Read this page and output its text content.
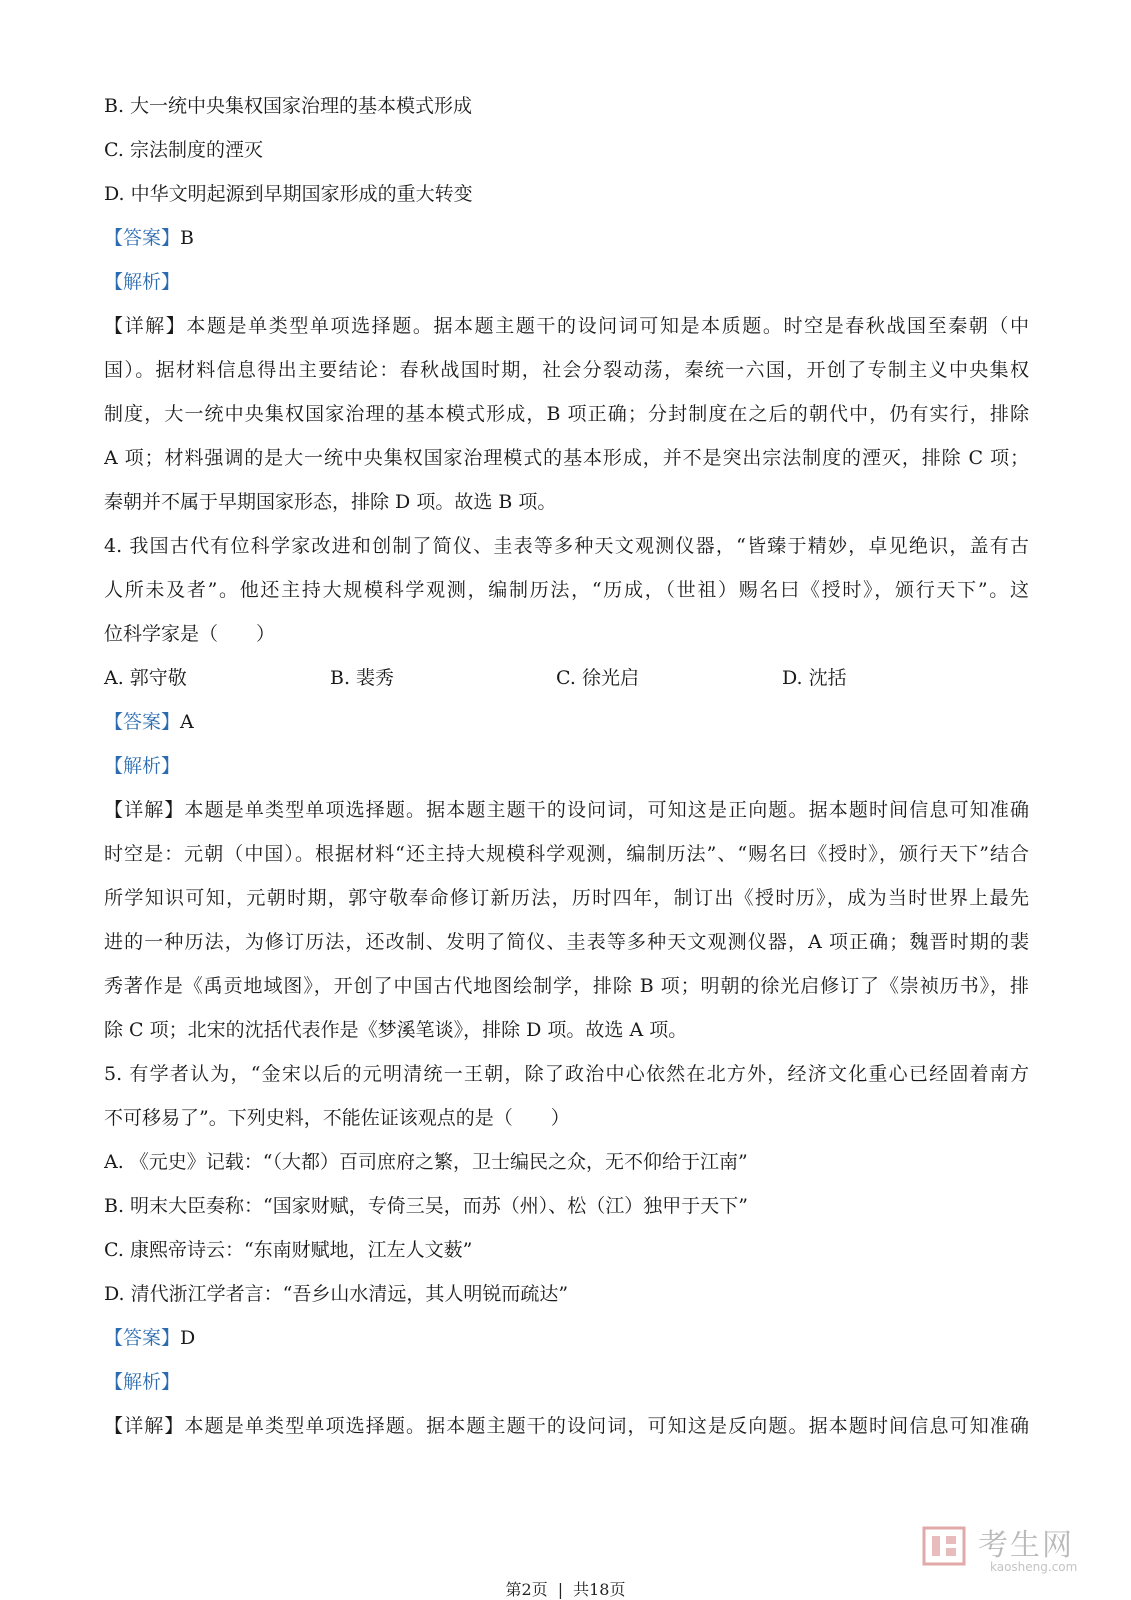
B. 大一统中央集权国家治理的基本模式形成
C. 宗法制度的湮灭
D. 中华文明起源到早期国家形成的重大转变
【答案】B
【解析】
【详解】本题是单类型单项选择题。据本题主题干的设问词可知是本质题。时空是春秋战国至秦朝（中
国）。据材料信息得出主要结论：春秋战国时期，社会分裂动荡，秦统一六国，开创了专制主义中央集权
制度，大一统中央集权国家治理的基本模式形成，B 项正确；分封制度在之后的朝代中，仍有实行，排除
A 项；材料强调的是大一统中央集权国家治理模式的基本形成，并不是突出宗法制度的湮灭，排除 C 项；
秦朝并不属于早期国家形态，排除 D 项。故选 B 项。
4. 我国古代有位科学家改进和创制了简仪、圭表等多种天文观测仪器，“皆臻于精妙，卓见绝识，盖有古
人所未及者”。他还主持大规模科学观测，编制历法，“历成，（世祖）赐名曰《授时》，颁行天下”。这
位科学家是（　　）
A. 郭守敬	B. 裴秀	C. 徐光启	D. 沈括
【答案】A
【解析】
【详解】本题是单类型单项选择题。据本题主题干的设问词，可知这是正向题。据本题时间信息可知准确
时空是：元朝（中国）。根据材料“还主持大规模科学观测，编制历法”、“赐名曰《授时》，颁行天下”结合
所学知识可知，元朝时期，郭守敬奉命修订新历法，历时四年，制订出《授时历》，成为当时世界上最先
进的一种历法，为修订历法，还改制、发明了简仪、圭表等多种天文观测仪器，A 项正确；魏晋时期的裴
秀著作是《禹贡地域图》，开创了中国古代地图绘制学，排除 B 项；明朝的徐光启修订了《崇祯历书》，排
除 C 项；北宋的沈括代表作是《梦溪笔谈》，排除 D 项。故选 A 项。
5. 有学者认为，“金宋以后的元明清统一王朝，除了政治中心依然在北方外，经济文化重心已经固着南方
不可移易了”。下列史料，不能佐证该观点的是（　　）
A. 《元史》记载：“（大都）百司庶府之繁，卫士编民之众，无不仰给于江南”
B. 明末大臣奏称：“国家财赋，专倚三吴，而苏（州）、松（江）独甲于天下”
C. 康熙帝诗云：“东南财赋地，江左人文薮”
D. 清代浙江学者言：“吾乡山水清远，其人明锐而疏达”
【答案】D
【解析】
【详解】本题是单类型单项选择题。据本题主题干的设问词，可知这是反向题。据本题时间信息可知准确
考生网
kaosheng.com
第2页 | 共18页
